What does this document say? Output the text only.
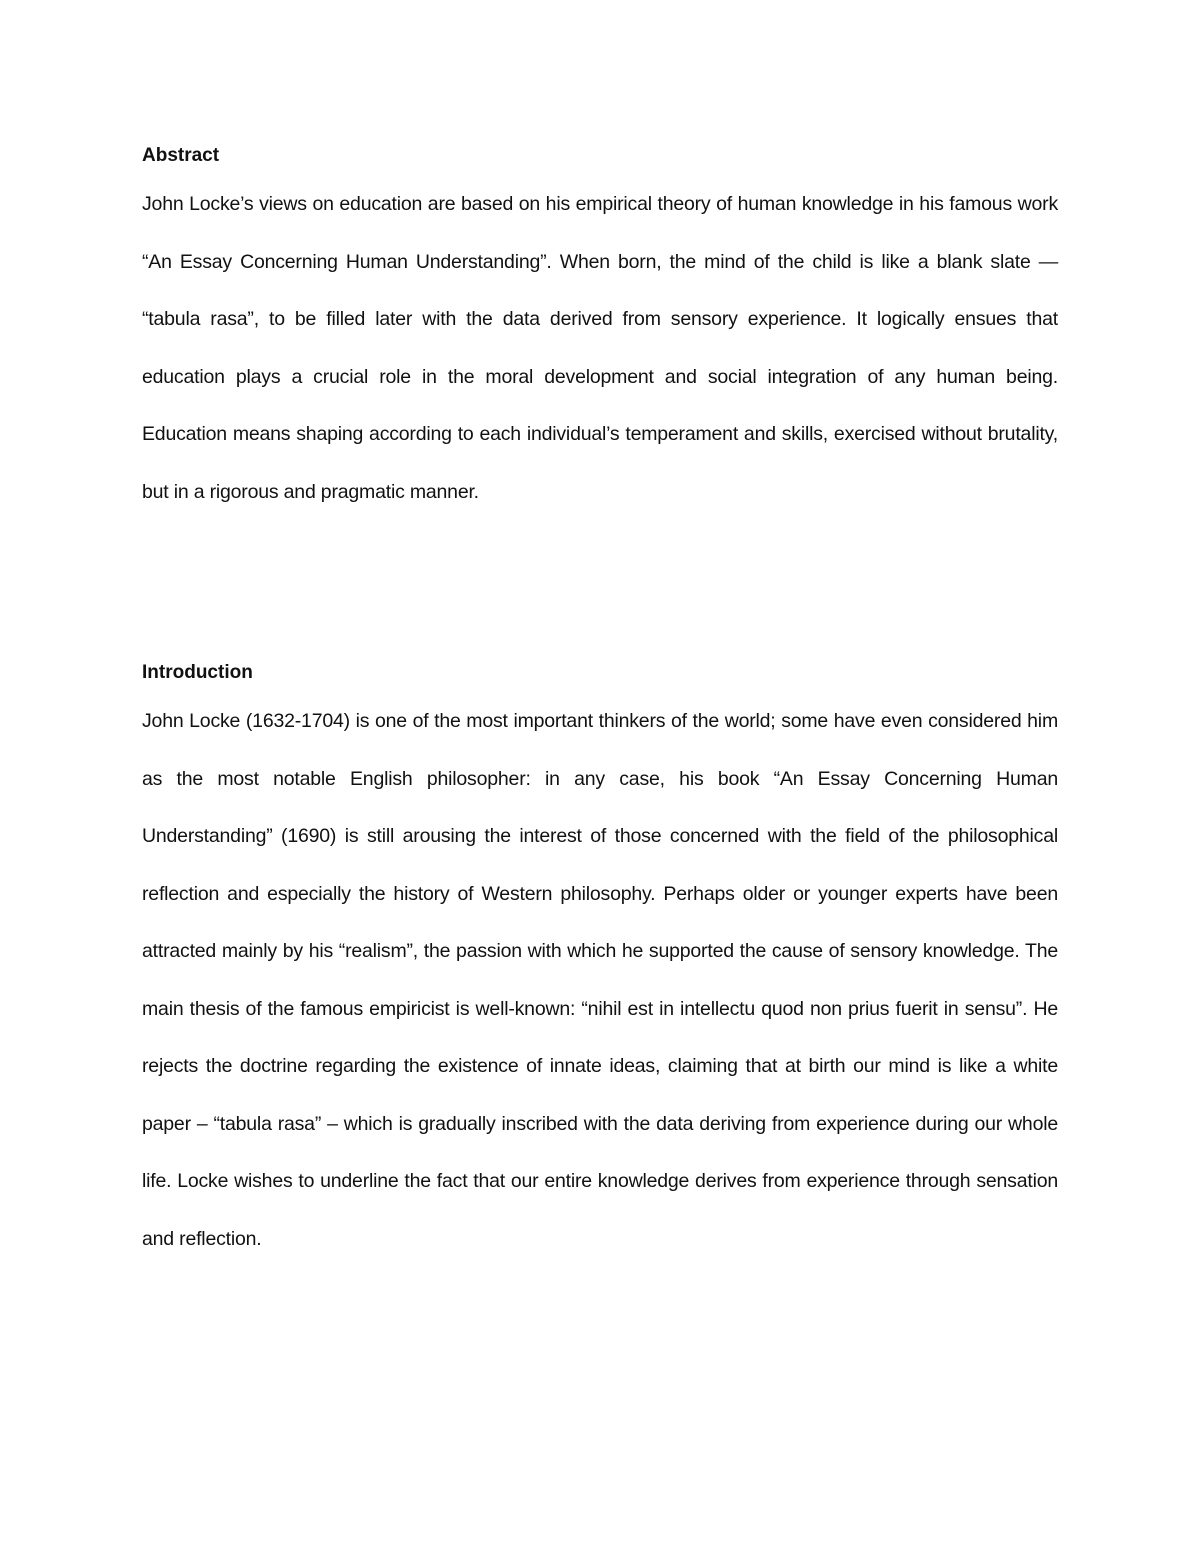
Abstract

John Locke’s views on education are based on his empirical theory of human knowledge in his famous work “An Essay Concerning Human Understanding”. When born, the mind of the child is like a blank slate — “tabula rasa”, to be filled later with the data derived from sensory experience. It logically ensues that education plays a crucial role in the moral development and social integration of any human being. Education means shaping according to each individual’s temperament and skills, exercised without brutality, but in a rigorous and pragmatic manner.

Introduction

John Locke (1632-1704) is one of the most important thinkers of the world; some have even considered him as the most notable English philosopher: in any case, his book “An Essay Concerning Human Understanding” (1690) is still arousing the interest of those concerned with the field of the philosophical reflection and especially the history of Western philosophy. Perhaps older or younger experts have been attracted mainly by his “realism”, the passion with which he supported the cause of sensory knowledge. The main thesis of the famous empiricist is well-known: “nihil est in intellectu quod non prius fuerit in sensu”. He rejects the doctrine regarding the existence of innate ideas, claiming that at birth our mind is like a white paper – “tabula rasa” – which is gradually inscribed with the data deriving from experience during our whole life. Locke wishes to underline the fact that our entire knowledge derives from experience through sensation and reflection.
